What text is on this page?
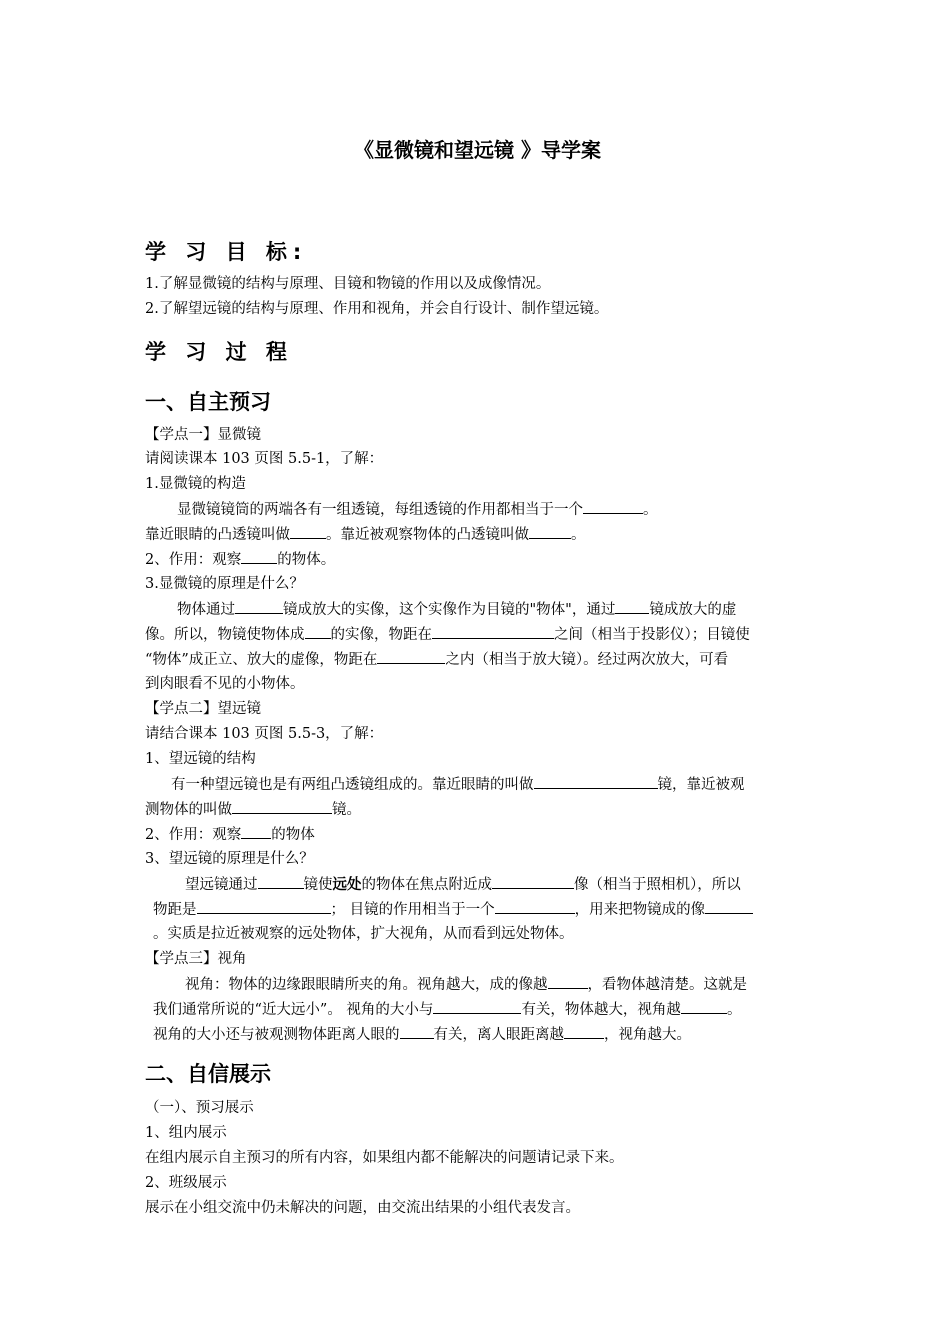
《显微镜和望远镜 》导学案
学 习 目 标:
1.了解显微镜的结构与原理、目镜和物镜的作用以及成像情况。
2.了解望远镜的结构与原理、作用和视角，并会自行设计、制作望远镜。
学 习 过 程
一、自主预习
【学点一】显微镜
请阅读课本 103 页图 5.5-1，了解：
1.显微镜的构造
显微镜镜筒的两端各有一组透镜，每组透镜的作用都相当于一个	。
靠近眼睛的凸透镜叫做 。靠近被观察物体的凸透镜叫做	。
2、作用：观察 的物体。
3.显微镜的原理是什么？
物体通过	镜成放大的实像，这个实像作为目镜的"物体"，通过 镜成放大的虚
像。所以，物镜使物体成 的实像，物距在	之间（相当于投影仪）；目镜使
“物体”成正立、放大的虚像，物距在	之内（相当于放大镜）。经过两次放大，可看
到肉眼看不见的小物体。
【学点二】望远镜
请结合课本 103 页图 5.5-3，了解：
1、望远镜的结构
有一种望远镜也是有两组凸透镜组成的。靠近眼睛的叫做	镜，靠近被观
测物体的叫做	镜。
2、作用：观察 的物体
3、望远镜的原理是什么？
望远镜通过	镜使远处的物体在焦点附近成	像（相当于照相机），所以
物距是	； 目镜的作用相当于一个	，用来把物镜成的像
。实质是拉近被观察的远处物体，扩大视角，从而看到远处物体。
【学点三】视角
视角：物体的边缘跟眼睛所夹的角。视角越大，成的像越	，看物体越清楚。这就是
我们通常所说的“近大远小”。 视角的大小与	有关，物体越大，视角越	。
视角的大小还与被观测物体距离人眼的 有关，离人眼距离越	，视角越大。
二、自信展示
（一）、预习展示
1、组内展示
在组内展示自主预习的所有内容，如果组内都不能解决的问题请记录下来。
2、班级展示
展示在小组交流中仍未解决的问题，由交流出结果的小组代表发言。
